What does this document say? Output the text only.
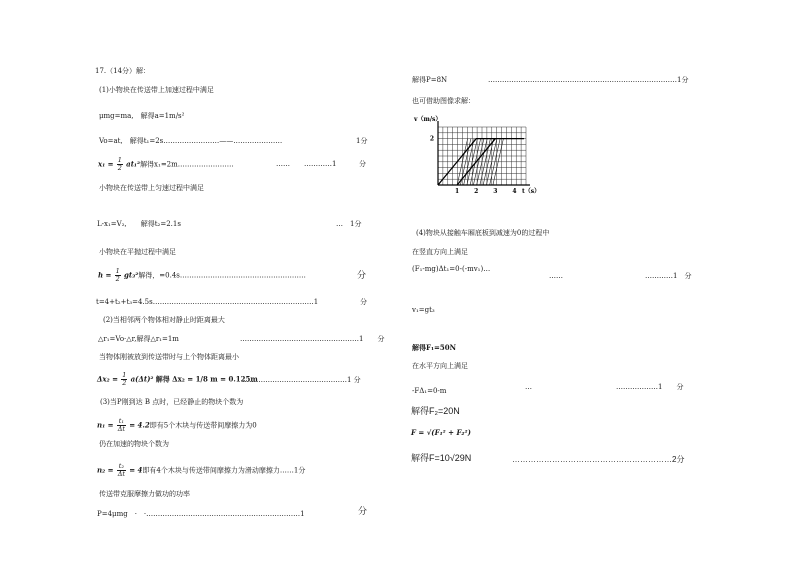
17.（14分）解：
(1)小物块在传送带上加速过程中满足
μmg=ma,　解得a=1m/s²
Vo=at,　解得t₁=2s……………………——…………………	1分
$x_1 = \frac{1}{2} at_1^2$解得x₁=2m……………………	……　　…………1	分
小物块在传送带上匀速过程中满足
L-x₁=V₂,　　解得t₂=2.1s	…　1分
小物块在平抛过程中满足
$h = \frac{1}{2} gt_3^2$解得，=0.4s………………………………………………	分
t=4+t₂+t₃=4.5s……………………………………………………………1	分
(2)当相邻两个物体相对静止时距离最大
△r₁=Vo·△r,解得△r₁=1m	……………………………………………1　　分
当物体刚被放到传送带时与上个物体距离最小
$\Delta x_2 = \frac{1}{2} a(\Delta t)^2$ 解得 Δx₂ = 1/8 m = 0.125m
………………………………………1 分
(3)当P刚到达 B 点时，已经静止的物块个数为
$n_1 = \frac{\text{t₁}}{\Delta t} = 4.2$即有5个木块与传送带间摩擦力为0
仍在加速的物块个数为
$n_2 = \frac{\text{t₂}}{\Delta t} = 4$即有4个木块与传送带间摩擦力为滑动摩擦力……1分
传送带克服摩擦力做功的功率
P=4μmg　·　·…………………………………………………………1	分
解得P=8N	………………………………………………………………………1分
也可借助图像求解：
v（m/s）
2
1 2 3 4 t（s）
(4)物块从接触车厢底板到减速为0的过程中
在竖直方向上满足
(F₁-mg)Δt₁=0-(-mv₁)…
……	…………1　分
v₁=gt₃
解得F₁=50N
在水平方向上满足
-FΔ₁=0-m	…	………………1　　分
解得F₂=20N
F = √(F₁² + F₂²)
解得F=10√29N	……………………………………………………2分
